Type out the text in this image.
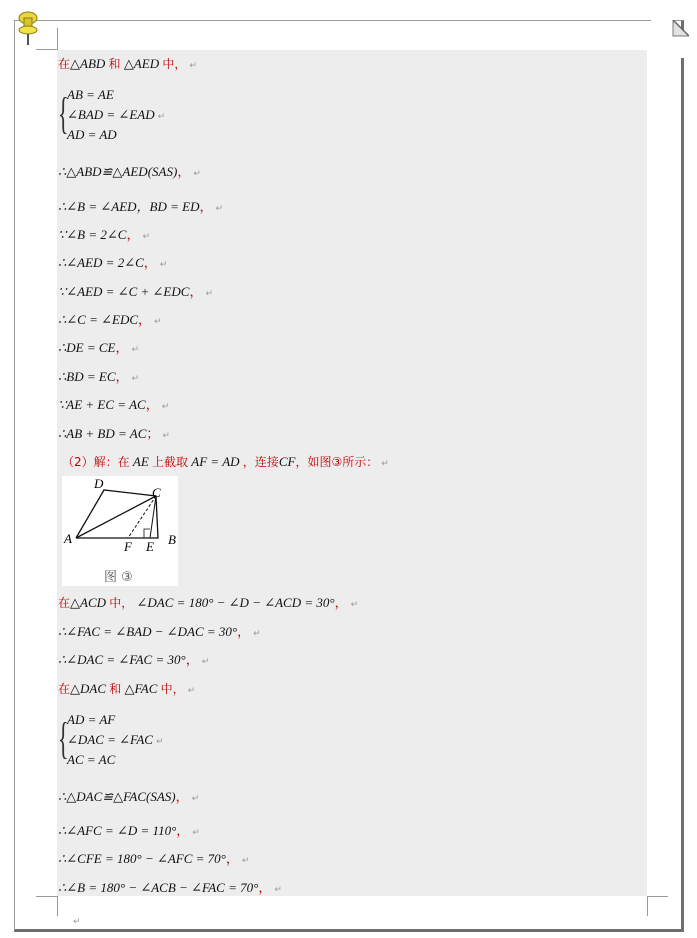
在△ABD 和 △AED 中， ↵
{
AB = AE
∠BAD = ∠EAD ↵
AD = AD
∴△ABD≌△AED(SAS)， ↵
∴∠B = ∠AED，BD = ED， ↵
∵∠B = 2∠C， ↵
∴∠AED = 2∠C， ↵
∵∠AED = ∠C + ∠EDC， ↵
∴∠C = ∠EDC， ↵
∴DE = CE， ↵
∴BD = EC， ↵
∵AE + EC = AC， ↵
∴AB + BD = AC； ↵
（2）解：在 AE 上截取 AF = AD ，连接CF，如图③所示： ↵
A
D
C
B
E
F
图 ③
在△ACD 中， ∠DAC = 180° − ∠D − ∠ACD = 30°， ↵
∴∠FAC = ∠BAD − ∠DAC = 30°， ↵
∴∠DAC = ∠FAC = 30°， ↵
在△DAC 和 △FAC 中， ↵
{
AD = AF
∠DAC = ∠FAC ↵
AC = AC
∴△DAC≌△FAC(SAS)， ↵
∴∠AFC = ∠D = 110°， ↵
∴∠CFE = 180° − ∠AFC = 70°， ↵
∴∠B = 180° − ∠ACB − ∠FAC = 70°， ↵
↵
